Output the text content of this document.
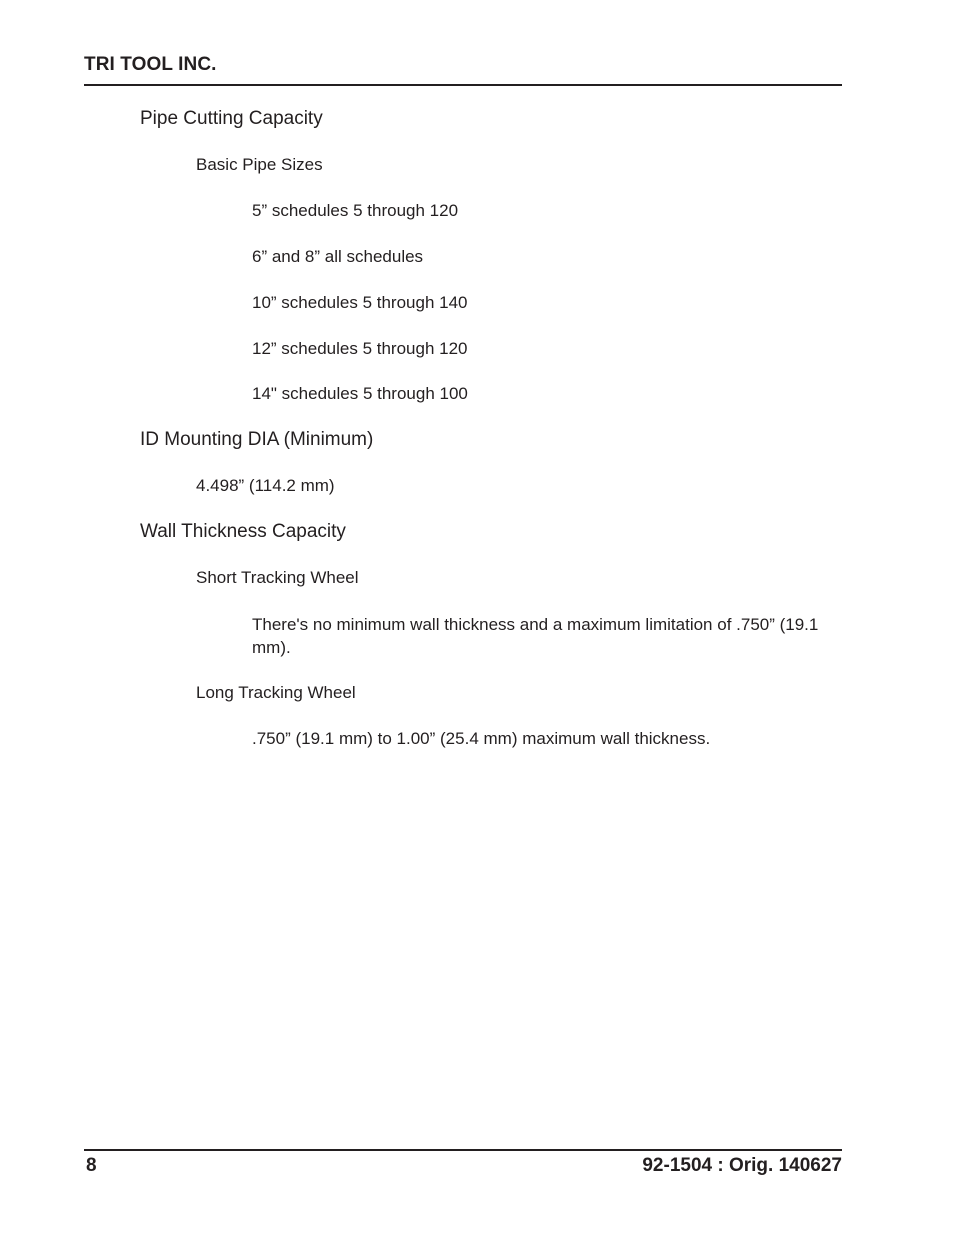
TRI TOOL INC.
Pipe Cutting Capacity
Basic Pipe Sizes
5” schedules 5 through 120
6” and 8” all schedules
10” schedules 5 through 140
12” schedules 5 through 120
14" schedules 5 through 100
ID Mounting DIA (Minimum)
4.498” (114.2 mm)
Wall Thickness Capacity
Short Tracking Wheel
There's no minimum wall thickness and a maximum limitation of .750” (19.1 mm).
Long Tracking Wheel
.750” (19.1 mm) to 1.00” (25.4 mm) maximum wall thickness.
8	92-1504 : Orig. 140627
